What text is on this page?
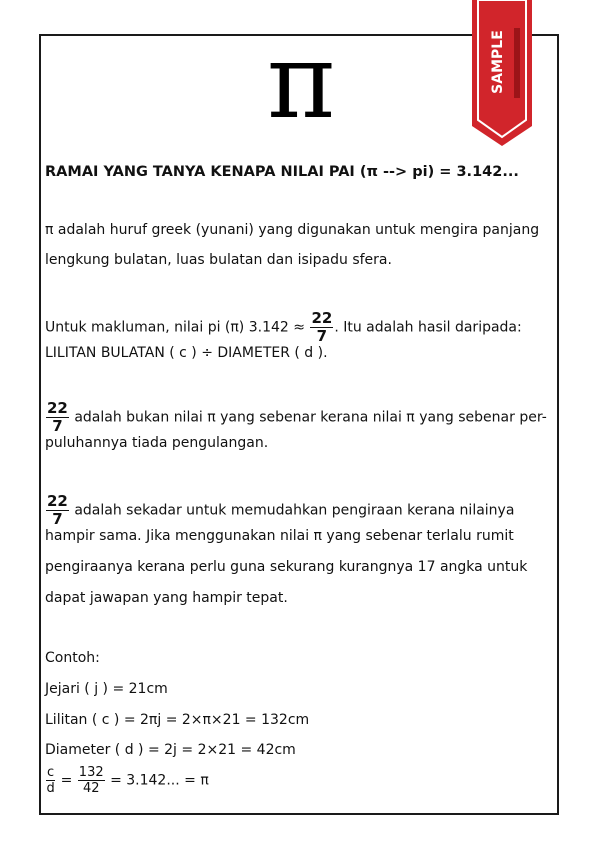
π	SAMPLE
RAMAI YANG TANYA KENAPA NILAI PAI (π --> pi) = 3.142...
π adalah huruf greek (yunani) yang digunakan untuk mengira panjang
lengkung bulatan, luas bulatan dan isipadu sfera.
Untuk makluman, nilai pi (π) $3.142 \approx \frac{22}{7}$ . Itu adalah hasil daripada:
LILITAN BULATAN ( c ) ÷ DIAMETER ( d ).
$\frac{22}{7}$ adalah bukan nilai π yang sebenar kerana nilai π yang sebenar per-
puluhannya tiada pengulangan.
$\frac{22}{7}$ adalah sekadar untuk memudahkan pengiraan kerana nilainya
hampir sama. Jika menggunakan nilai π yang sebenar terlalu rumit
pengiraanya kerana perlu guna sekurang kurangnya 17 angka untuk
dapat jawapan yang hampir tepat.
Contoh:
Jejari ( j ) = 21cm
Lilitan ( c ) = 2πj = 2×π×21 = 132cm
Diameter ( d ) = 2j = 2×21 = 42cm
$\frac{c}{d} = \frac{132}{42} = 3.142$... = π
